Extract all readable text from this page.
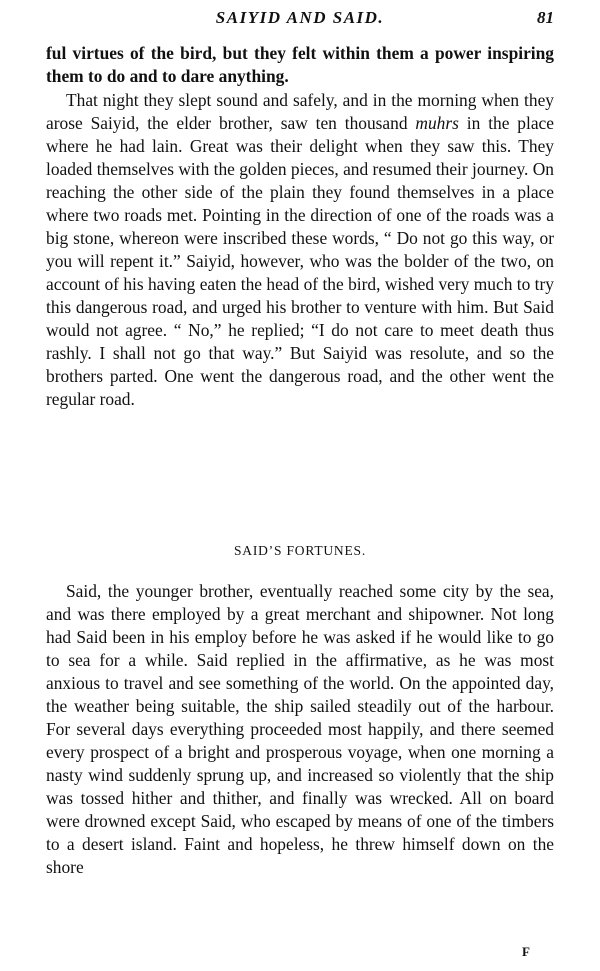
SAIYID AND SAID.	81
ful virtues of the bird, but they felt within them a power inspiring them to do and to dare anything.
That night they slept sound and safely, and in the morning when they arose Saiyid, the elder brother, saw ten thousand muhrs in the place where he had lain. Great was their delight when they saw this. They loaded themselves with the golden pieces, and resumed their journey. On reaching the other side of the plain they found themselves in a place where two roads met. Pointing in the direction of one of the roads was a big stone, whereon were inscribed these words, “ Do not go this way, or you will repent it.” Saiyid, however, who was the bolder of the two, on account of his having eaten the head of the bird, wished very much to try this dangerous road, and urged his brother to venture with him. But Said would not agree. “ No,” he replied; “I do not care to meet death thus rashly. I shall not go that way.” But Saiyid was resolute, and so the brothers parted. One went the dangerous road, and the other went the regular road.
SAID’S FORTUNES.
Said, the younger brother, eventually reached some city by the sea, and was there employed by a great merchant and shipowner. Not long had Said been in his employ before he was asked if he would like to go to sea for a while. Said replied in the affirmative, as he was most anxious to travel and see something of the world. On the appointed day, the weather being suitable, the ship sailed steadily out of the harbour. For several days everything proceeded most happily, and there seemed every prospect of a bright and prosperous voyage, when one morning a nasty wind suddenly sprung up, and increased so violently that the ship was tossed hither and thither, and finally was wrecked. All on board were drowned except Said, who escaped by means of one of the timbers to a desert island. Faint and hopeless, he threw himself down on the shore
F
